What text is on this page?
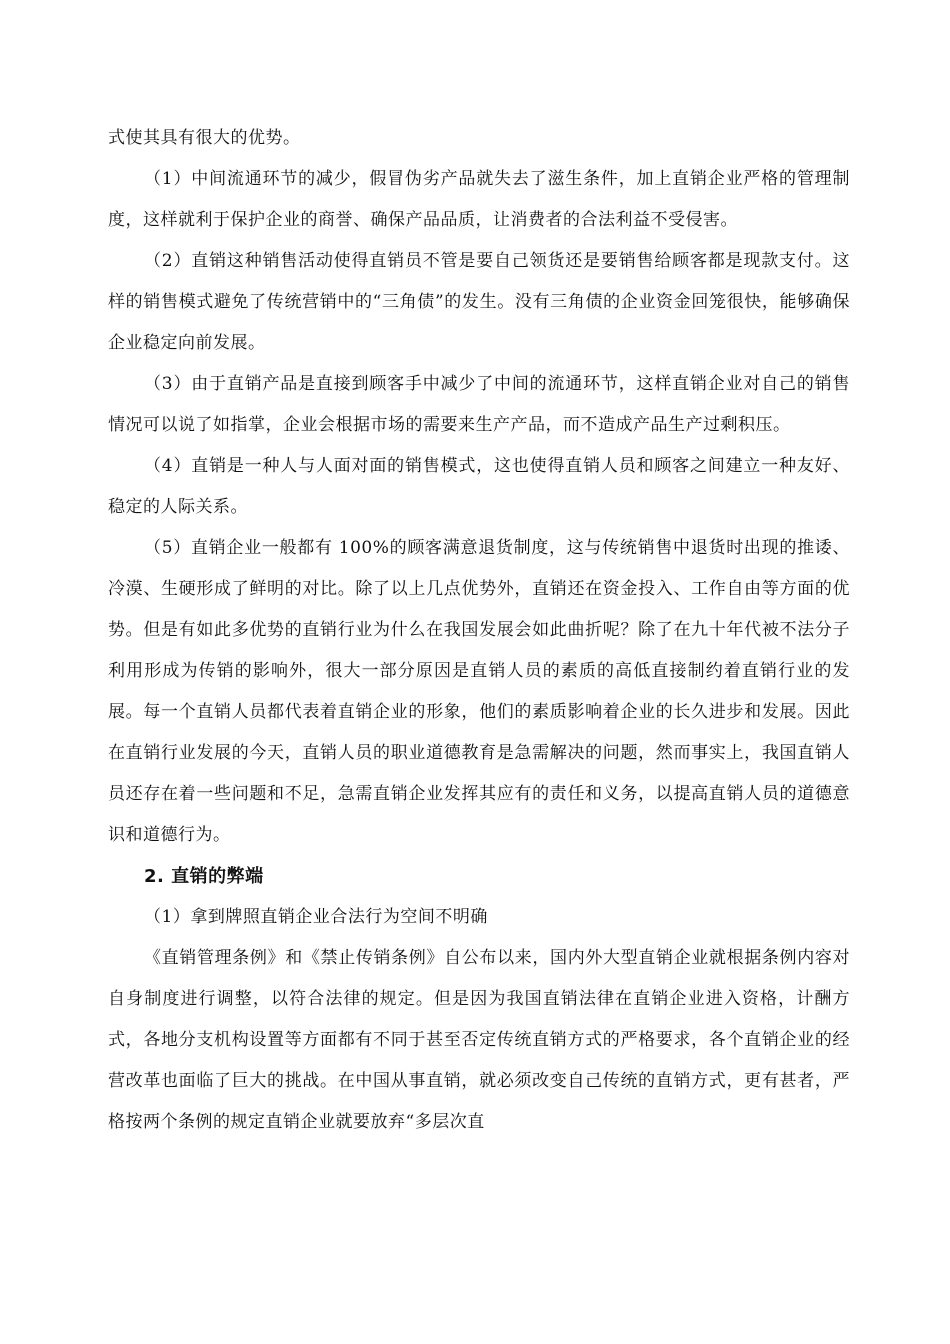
式使其具有很大的优势。

（1）中间流通环节的减少，假冒伪劣产品就失去了滋生条件，加上直销企业严格的管理制度，这样就利于保护企业的商誉、确保产品品质，让消费者的合法利益不受侵害。

（2）直销这种销售活动使得直销员不管是要自己领货还是要销售给顾客都是现款支付。这样的销售模式避免了传统营销中的“三角债”的发生。没有三角债的企业资金回笼很快，能够确保企业稳定向前发展。

（3）由于直销产品是直接到顾客手中减少了中间的流通环节，这样直销企业对自己的销售情况可以说了如指掌，企业会根据市场的需要来生产产品，而不造成产品生产过剩积压。

（4）直销是一种人与人面对面的销售模式，这也使得直销人员和顾客之间建立一种友好、稳定的人际关系。

（5）直销企业一般都有 100%的顾客满意退货制度，这与传统销售中退货时出现的推诿、冷漠、生硬形成了鲜明的对比。除了以上几点优势外，直销还在资金投入、工作自由等方面的优势。但是有如此多优势的直销行业为什么在我国发展会如此曲折呢？除了在九十年代被不法分子利用形成为传销的影响外，很大一部分原因是直销人员的素质的高低直接制约着直销行业的发展。每一个直销人员都代表着直销企业的形象，他们的素质影响着企业的长久进步和发展。因此在直销行业发展的今天，直销人员的职业道德教育是急需解决的问题，然而事实上，我国直销人员还存在着一些问题和不足，急需直销企业发挥其应有的责任和义务，以提高直销人员的道德意识和道德行为。

2. 直销的弊端

（1）拿到牌照直销企业合法行为空间不明确

《直销管理条例》和《禁止传销条例》自公布以来，国内外大型直销企业就根据条例内容对自身制度进行调整，以符合法律的规定。但是因为我国直销法律在直销企业进入资格，计酬方式，各地分支机构设置等方面都有不同于甚至否定传统直销方式的严格要求，各个直销企业的经营改革也面临了巨大的挑战。在中国从事直销，就必须改变自己传统的直销方式，更有甚者，严格按两个条例的规定直销企业就要放弃“多层次直
